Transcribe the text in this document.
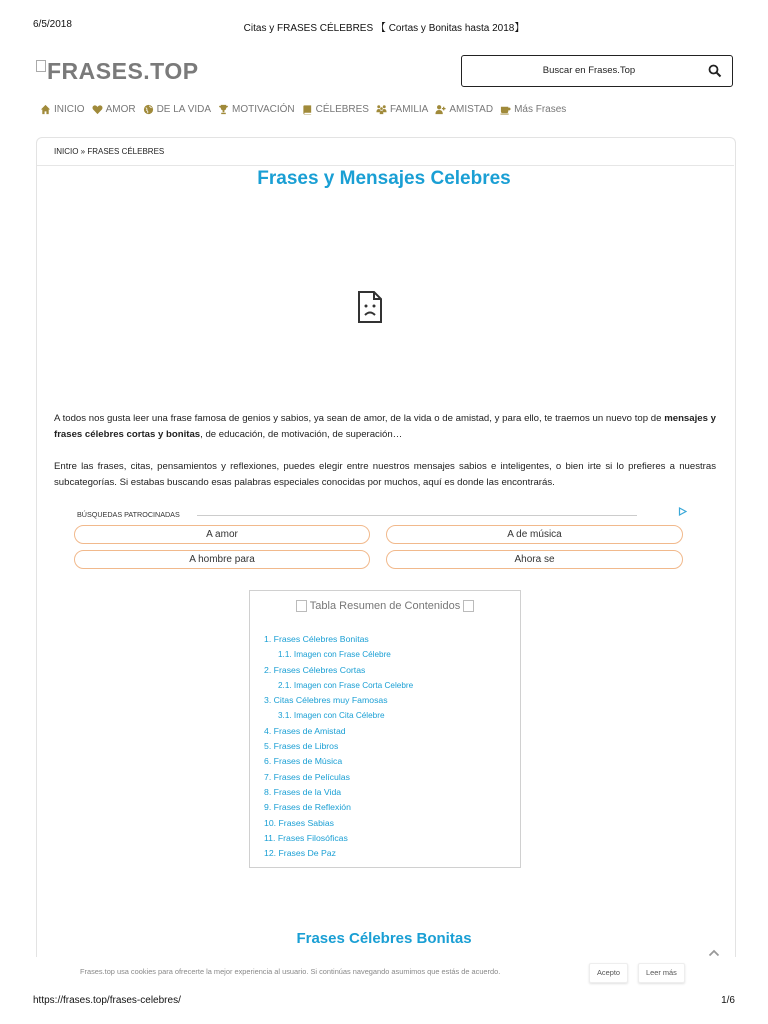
6/5/2018	Citas y FRASES CÉLEBRES 【 Cortas y Bonitas hasta 2018】
FRASES.TOP
Buscar en Frases.Top
INICIO AMOR DE LA VIDA MOTIVACIÓN CÉLEBRES FAMILIA AMISTAD Más Frases
INICIO » FRASES CÉLEBRES
Frases y Mensajes Celebres
A todos nos gusta leer una frase famosa de genios y sabios, ya sean de amor, de la vida o de amistad, y para ello, te traemos un nuevo top de mensajes y frases célebres cortas y bonitas, de educación, de motivación, de superación…
Entre las frases, citas, pensamientos y reflexiones, puedes elegir entre nuestros mensajes sabios e inteligentes, o bien irte si lo prefieres a nuestras subcategorías. Si estabas buscando esas palabras especiales conocidas por muchos, aquí es donde las encontrarás.
BÚSQUEDAS PATROCINADAS
A amor	A de música
A hombre para	Ahora se
Tabla Resumen de Contenidos
1. Frases Célebres Bonitas
1.1. Imagen con Frase Célebre
2. Frases Célebres Cortas
2.1. Imagen con Frase Corta Celebre
3. Citas Célebres muy Famosas
3.1. Imagen con Cita Célebre
4. Frases de Amistad
5. Frases de Libros
6. Frases de Música
7. Frases de Películas
8. Frases de la Vida
9. Frases de Reflexión
10. Frases Sabias
11. Frases Filosóficas
12. Frases De Paz
Frases Célebres Bonitas
Frases.top usa cookies para ofrecerte la mejor experiencia al usuario. Si continúas navegando asumimos que estás de acuerdo.	Acepto	Leer más
https://frases.top/frases-celebres/	1/6
